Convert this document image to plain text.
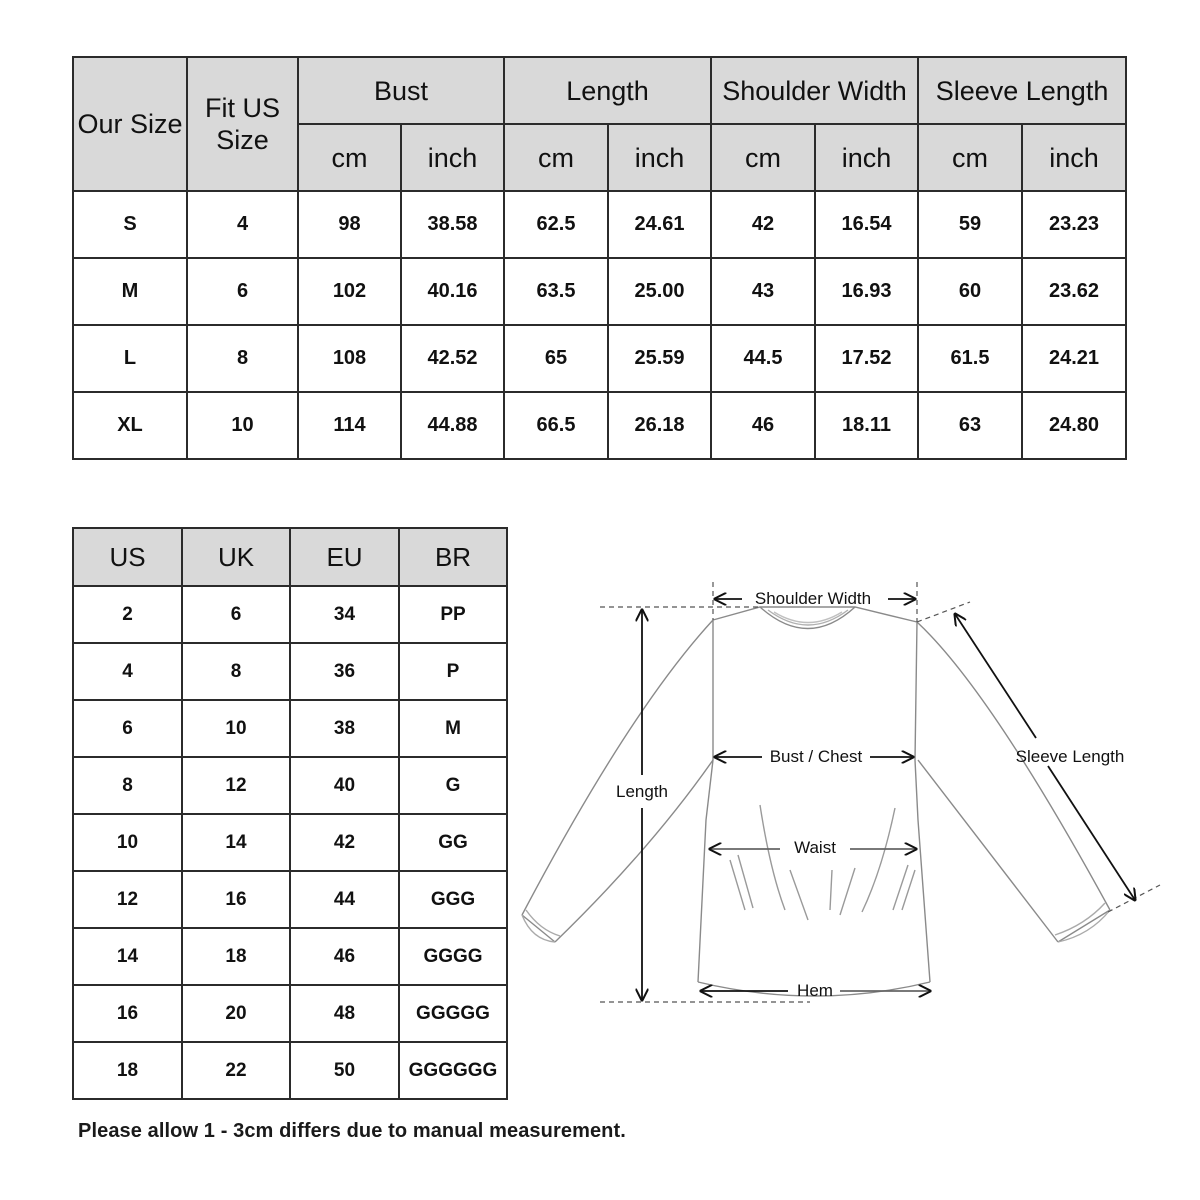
Our Size	Fit US Size	Bust		Length		Shoulder Width		Sleeve Length	
		cm	inch	cm	inch	cm	inch	cm	inch
S	4	98	38.58	62.5	24.61	42	16.54	59	23.23
M	6	102	40.16	63.5	25.00	43	16.93	60	23.62
L	8	108	42.52	65	25.59	44.5	17.52	61.5	24.21
XL	10	114	44.88	66.5	26.18	46	18.11	63	24.80
US	UK	EU	BR
2	6	34	PP
4	8	36	P
6	10	38	M
8	12	40	G
10	14	42	GG
12	16	44	GGG
14	18	46	GGGG
16	20	48	GGGGG
18	22	50	GGGGGG
Shoulder Width
Bust / Chest
Length
Waist
Hem
Sleeve Length
Please allow 1 - 3cm differs due to manual measurement.
